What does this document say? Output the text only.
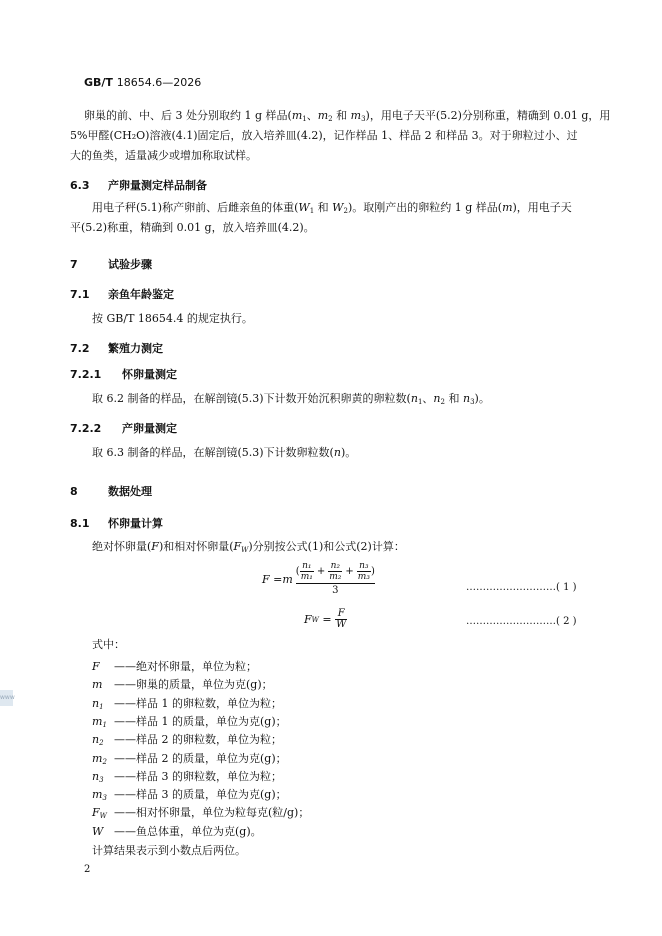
GB/T 18654.6—2026
卵巢的前、中、后 3 处分别取约 1 g 样品($m_1$、$m_2$ 和 $m_3$)，用电子天平(5.2)分别称重，精确到 0.01 g，用
5%甲醛(CH₂O)溶液(4.1)固定后，放入培养皿(4.2)，记作样品 1、样品 2 和样品 3。对于卵粒过小、过
大的鱼类，适量减少或增加称取试样。
6.3 产卵量测定样品制备
用电子秤(5.1)称产卵前、后雌亲鱼的体重($W_1$ 和 $W_2$)。取刚产出的卵粒约 1 g 样品(m)，用电子天
平(5.2)称重，精确到 0.01 g，放入培养皿(4.2)。
7	试验步骤
7.1 亲鱼年龄鉴定
按 GB/T 18654.4 的规定执行。
7.2 繁殖力测定
7.2.1 怀卵量测定
取 6.2 制备的样品，在解剖镜(5.3)下计数开始沉积卵黄的卵粒数($n_1$、$n_2$ 和 $n_3$)。
7.2.2 产卵量测定
取 6.3 制备的样品，在解剖镜(5.3)下计数卵粒数(n)。
8	数据处理
8.1 怀卵量计算
绝对怀卵量(F)和相对怀卵量$(F_W)$分别按公式(1)和公式(2)计算：
F
= m
( $\frac{\text{n₁}}{\text{m₁}} + \frac{\text{n₂}}{\text{m₂}} + \frac{\text{n₃}}{\text{m₃}}$ )
3	……………………… ( 1 )
F W
=
$\frac{F}{W}$	……………………… ( 2 )
式中：
F ——绝对怀卵量，单位为粒；
m ——卵巢的质量，单位为克(g)；
$n_1$ ——样品 1 的卵粒数，单位为粒；
$m_1$ ——样品 1 的质量，单位为克(g)；
$n_2$ ——样品 2 的卵粒数，单位为粒；
$m_2$ ——样品 2 的质量，单位为克(g)；
$n_3$ ——样品 3 的卵粒数，单位为粒；
$m_3$ ——样品 3 的质量，单位为克(g)；
$F_W$ ——相对怀卵量，单位为粒每克(粒/g)；
W ——鱼总体重，单位为克(g)。
计算结果表示到小数点后两位。
2
www
